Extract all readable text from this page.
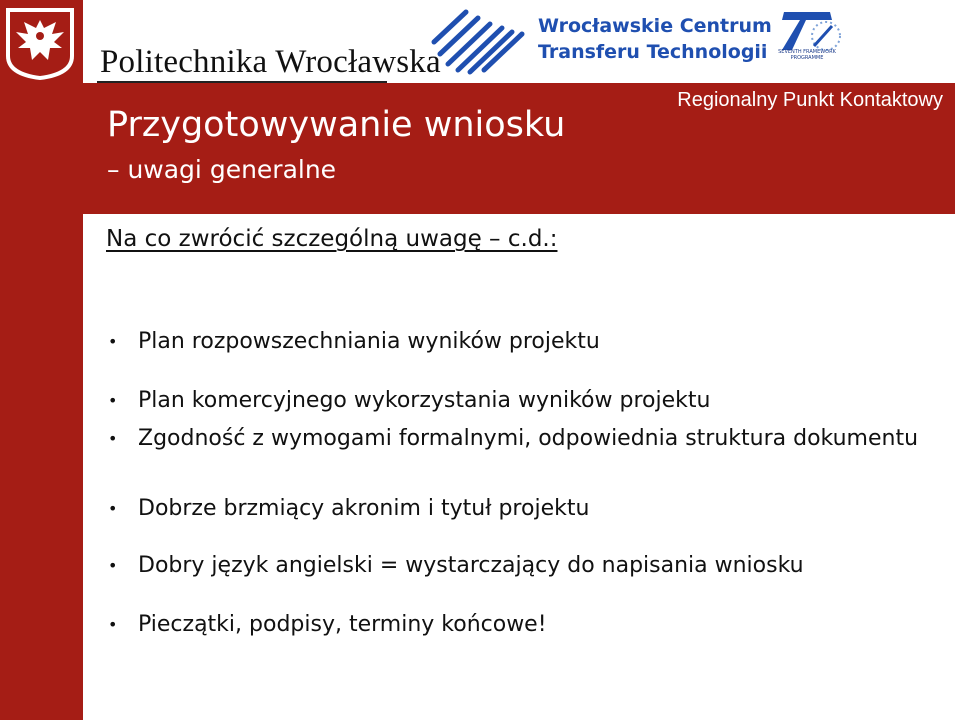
Politechnika Wrocławska
Wrocławskie Centrum
Transferu Technologii	SEVENTH FRAMEWORK
PROGRAMME
Regionalny Punkt Kontaktowy
Przygotowywanie wniosku
– uwagi generalne
Na co zwrócić szczególną uwagę – c.d.:
• Plan rozpowszechniania wyników projektu
• Plan komercyjnego wykorzystania wyników projektu
• Zgodność z wymogami formalnymi, odpowiednia struktura dokumentu
• Dobrze brzmiący akronim i tytuł projektu
• Dobry język angielski = wystarczający do napisania wniosku
• Pieczątki, podpisy, terminy końcowe!
